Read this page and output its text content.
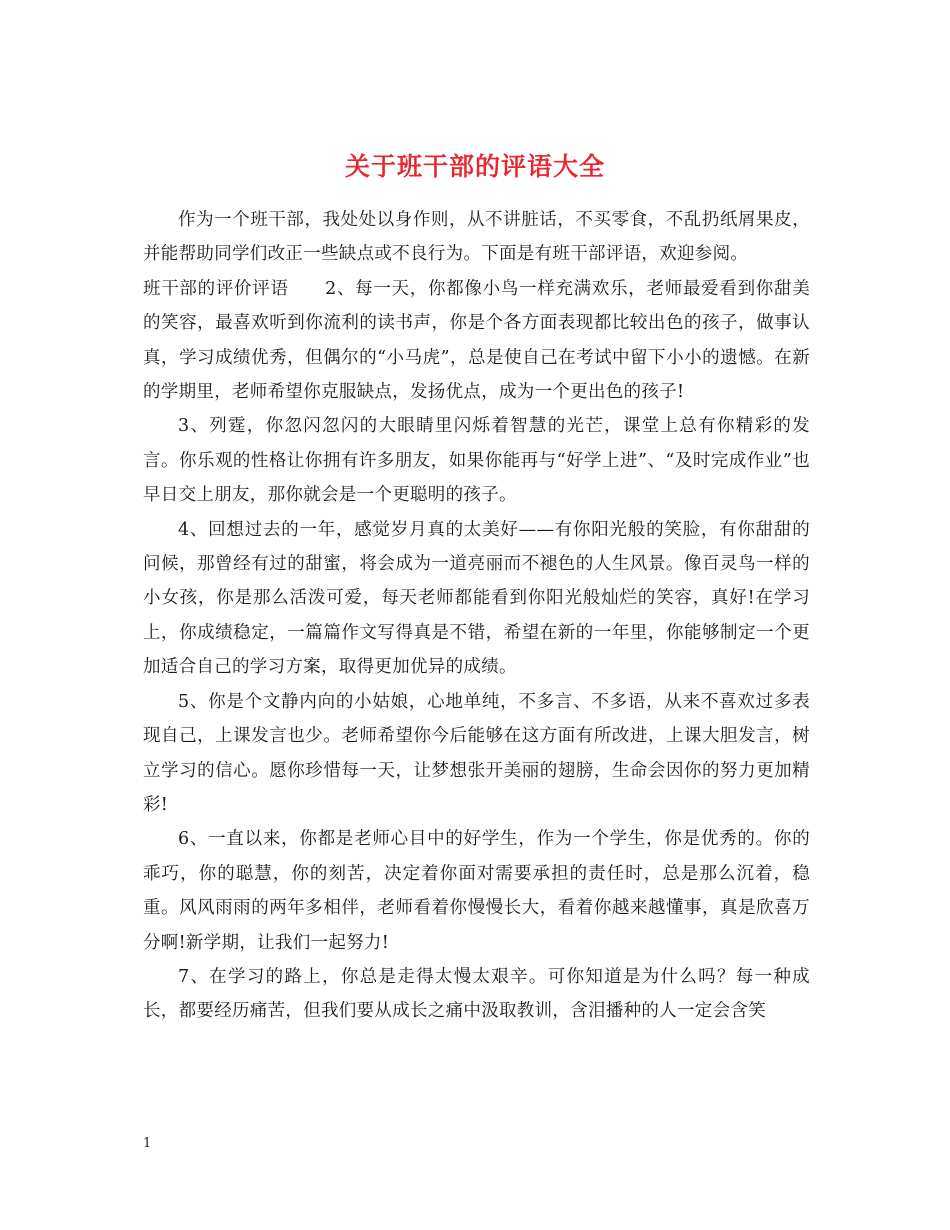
关于班干部的评语大全

作为一个班干部，我处处以身作则，从不讲脏话，不买零食，不乱扔纸屑果皮，并能帮助同学们改正一些缺点或不良行为。下面是有班干部评语，欢迎参阅。

班干部的评价评语　　2、每一天，你都像小鸟一样充满欢乐，老师最爱看到你甜美的笑容，最喜欢听到你流利的读书声，你是个各方面表现都比较出色的孩子，做事认真，学习成绩优秀，但偶尔的“小马虎”，总是使自己在考试中留下小小的遗憾。在新的学期里，老师希望你克服缺点，发扬优点，成为一个更出色的孩子!

3、列霆，你忽闪忽闪的大眼睛里闪烁着智慧的光芒，课堂上总有你精彩的发言。你乐观的性格让你拥有许多朋友，如果你能再与“好学上进”、“及时完成作业”也早日交上朋友，那你就会是一个更聪明的孩子。

4、回想过去的一年，感觉岁月真的太美好——有你阳光般的笑脸，有你甜甜的问候，那曾经有过的甜蜜，将会成为一道亮丽而不褪色的人生风景。像百灵鸟一样的小女孩，你是那么活泼可爱，每天老师都能看到你阳光般灿烂的笑容，真好!在学习上，你成绩稳定，一篇篇作文写得真是不错，希望在新的一年里，你能够制定一个更加适合自己的学习方案，取得更加优异的成绩。

5、你是个文静内向的小姑娘，心地单纯，不多言、不多语，从来不喜欢过多表现自己，上课发言也少。老师希望你今后能够在这方面有所改进，上课大胆发言，树立学习的信心。愿你珍惜每一天，让梦想张开美丽的翅膀，生命会因你的努力更加精彩!

6、一直以来，你都是老师心目中的好学生，作为一个学生，你是优秀的。你的乖巧，你的聪慧，你的刻苦，决定着你面对需要承担的责任时，总是那么沉着，稳重。风风雨雨的两年多相伴，老师看着你慢慢长大，看着你越来越懂事，真是欣喜万分啊!新学期，让我们一起努力!

7、在学习的路上，你总是走得太慢太艰辛。可你知道是为什么吗？每一种成长，都要经历痛苦，但我们要从成长之痛中汲取教训，含泪播种的人一定会含笑

1
